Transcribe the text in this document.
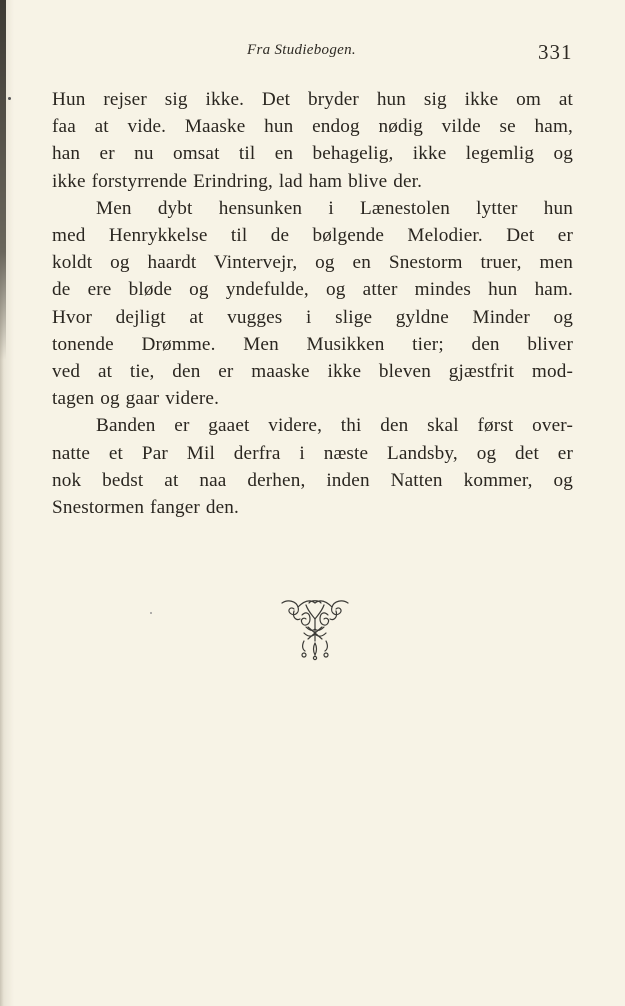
Fra Studiebogen.	331

Hun rejser sig ikke. Det bryder hun sig ikke om at
faa at vide. Maaske hun endog nødig vilde se ham,
han er nu omsat til en behagelig, ikke legemlig og
ikke forstyrrende Erindring, lad ham blive der.

Men dybt hensunken i Lænestolen lytter hun
med Henrykkelse til de bølgende Melodier. Det er
koldt og haardt Vintervejr, og en Snestorm truer, men
de ere bløde og yndefulde, og atter mindes hun ham.
Hvor dejligt at vugges i slige gyldne Minder og
tonende Drømme. Men Musikken tier; den bliver
ved at tie, den er maaske ikke bleven gjæstfrit mod-
tagen og gaar videre.

Banden er gaaet videre, thi den skal først over-
natte et Par Mil derfra i næste Landsby, og det er
nok bedst at naa derhen, inden Natten kommer, og
Snestormen fanger den.
